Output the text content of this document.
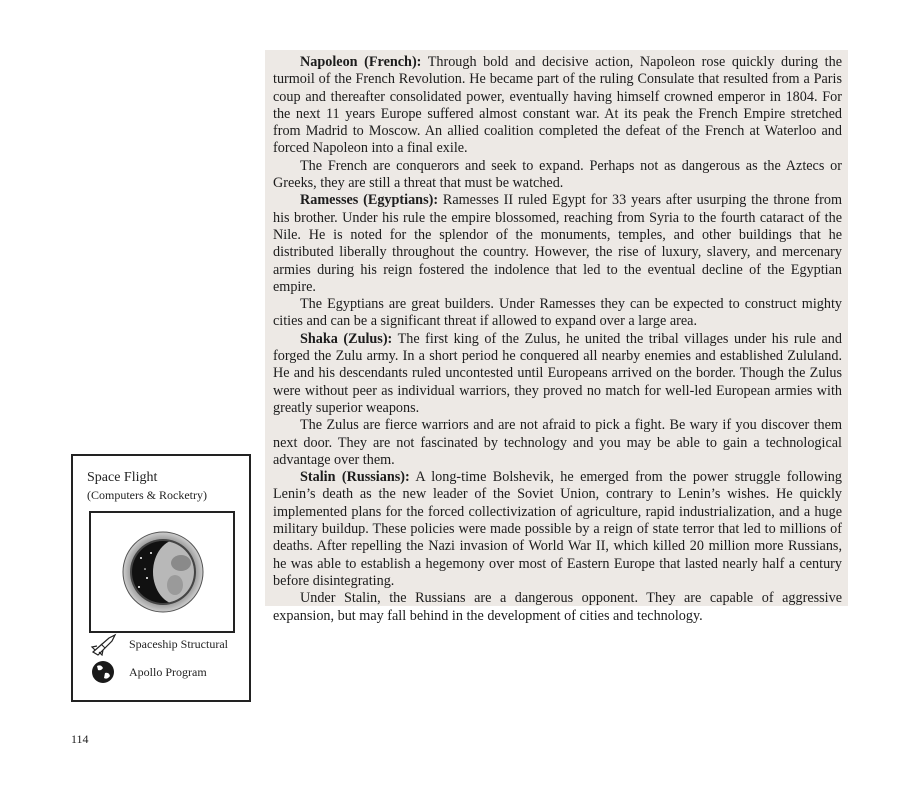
Napoleon (French): Through bold and decisive action, Napoleon rose quickly during the turmoil of the French Revolution. He became part of the ruling Consulate that resulted from a Paris coup and thereafter consolidated power, eventually having himself crowned emperor in 1804. For the next 11 years Europe suffered almost constant war. At its peak the French Empire stretched from Madrid to Moscow. An allied coalition completed the defeat of the French at Waterloo and forced Napoleon into a final exile.

The French are conquerors and seek to expand. Perhaps not as dangerous as the Aztecs or Greeks, they are still a threat that must be watched.

Ramesses (Egyptians): Ramesses II ruled Egypt for 33 years after usurping the throne from his brother. Under his rule the empire blossomed, reaching from Syria to the fourth cataract of the Nile. He is noted for the splendor of the monuments, temples, and other buildings that he distributed liberally throughout the country. However, the rise of luxury, slavery, and mercenary armies during his reign fostered the indolence that led to the eventual decline of the Egyptian empire.

The Egyptians are great builders. Under Ramesses they can be expected to construct mighty cities and can be a significant threat if allowed to expand over a large area.

Shaka (Zulus): The first king of the Zulus, he united the tribal villages under his rule and forged the Zulu army. In a short period he conquered all nearby enemies and established Zululand. He and his descendants ruled uncontested until Europeans arrived on the border. Though the Zulus were without peer as individual warriors, they proved no match for well-led European armies with greatly superior weapons.

The Zulus are fierce warriors and are not afraid to pick a fight. Be wary if you discover them next door. They are not fascinated by technology and you may be able to gain a technological advantage over them.

Stalin (Russians): A long-time Bolshevik, he emerged from the power struggle following Lenin’s death as the new leader of the Soviet Union, contrary to Lenin’s wishes. He quickly implemented plans for the forced collectivization of agriculture, rapid industrialization, and a huge military buildup. These policies were made possible by a reign of state terror that led to millions of deaths. After repelling the Nazi invasion of World War II, which killed 20 million more Russians, he was able to establish a hegemony over most of Eastern Europe that lasted nearly half a century before disintegrating.

Under Stalin, the Russians are a dangerous opponent. They are capable of aggressive expansion, but may fall behind in the development of cities and technology.

Space Flight
(Computers & Rocketry)
Spaceship Structural
Apollo Program
114
